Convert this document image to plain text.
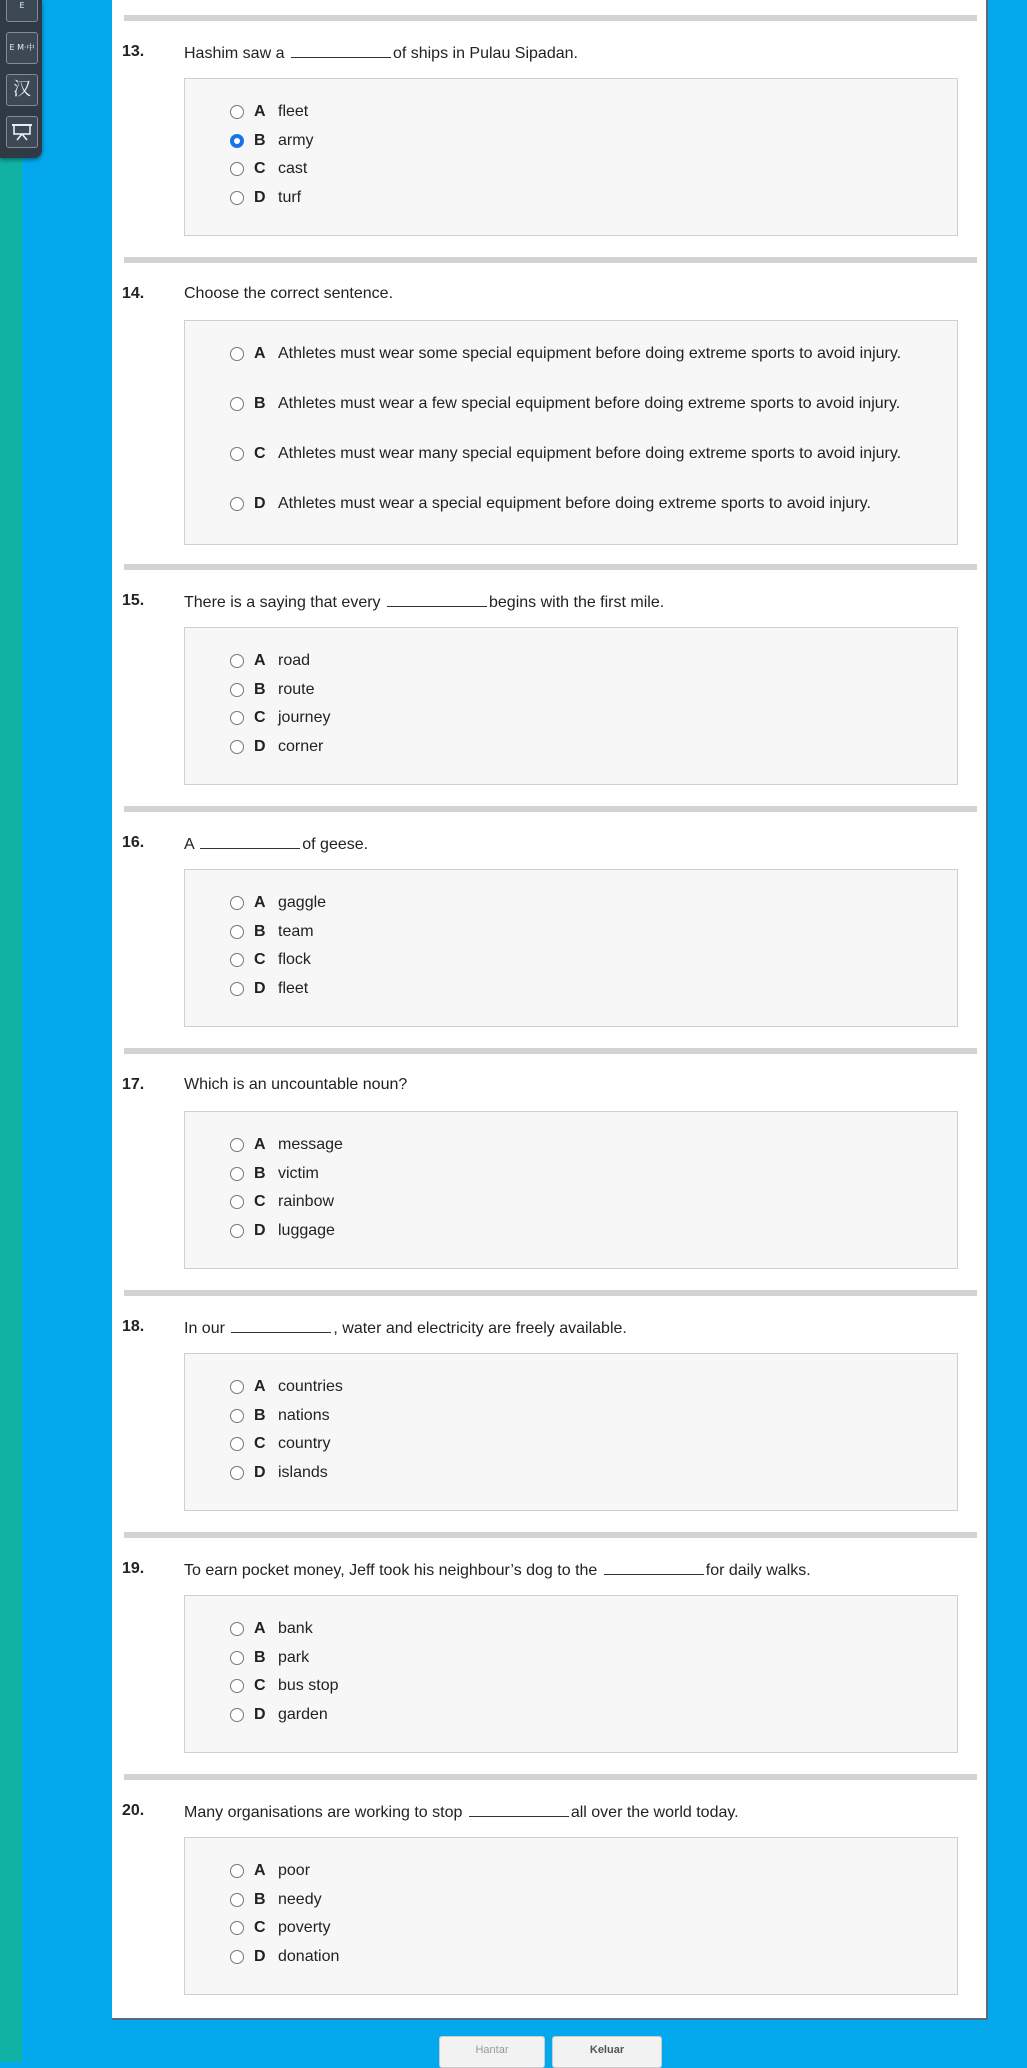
E
E M·中
汉
13. Hashim saw a	of ships in Pulau Sipadan.
A fleet
B army
C cast
D turf
14. Choose the correct sentence.
A Athletes must wear some special equipment before doing extreme sports to avoid injury.
B Athletes must wear a few special equipment before doing extreme sports to avoid injury.
C Athletes must wear many special equipment before doing extreme sports to avoid injury.
D Athletes must wear a special equipment before doing extreme sports to avoid injury.
15. There is a saying that every	begins with the first mile.
A road
B route
C journey
D corner
16. A	of geese.
A gaggle
B team
C flock
D fleet
17. Which is an uncountable noun?
A message
B victim
C rainbow
D luggage
18. In our	, water and electricity are freely available.
A countries
B nations
C country
D islands
19. To earn pocket money, Jeff took his neighbour’s dog to the	for daily walks.
A bank
B park
C bus stop
D garden
20. Many organisations are working to stop	all over the world today.
A poor
B needy
C poverty
D donation
Hantar	Keluar
